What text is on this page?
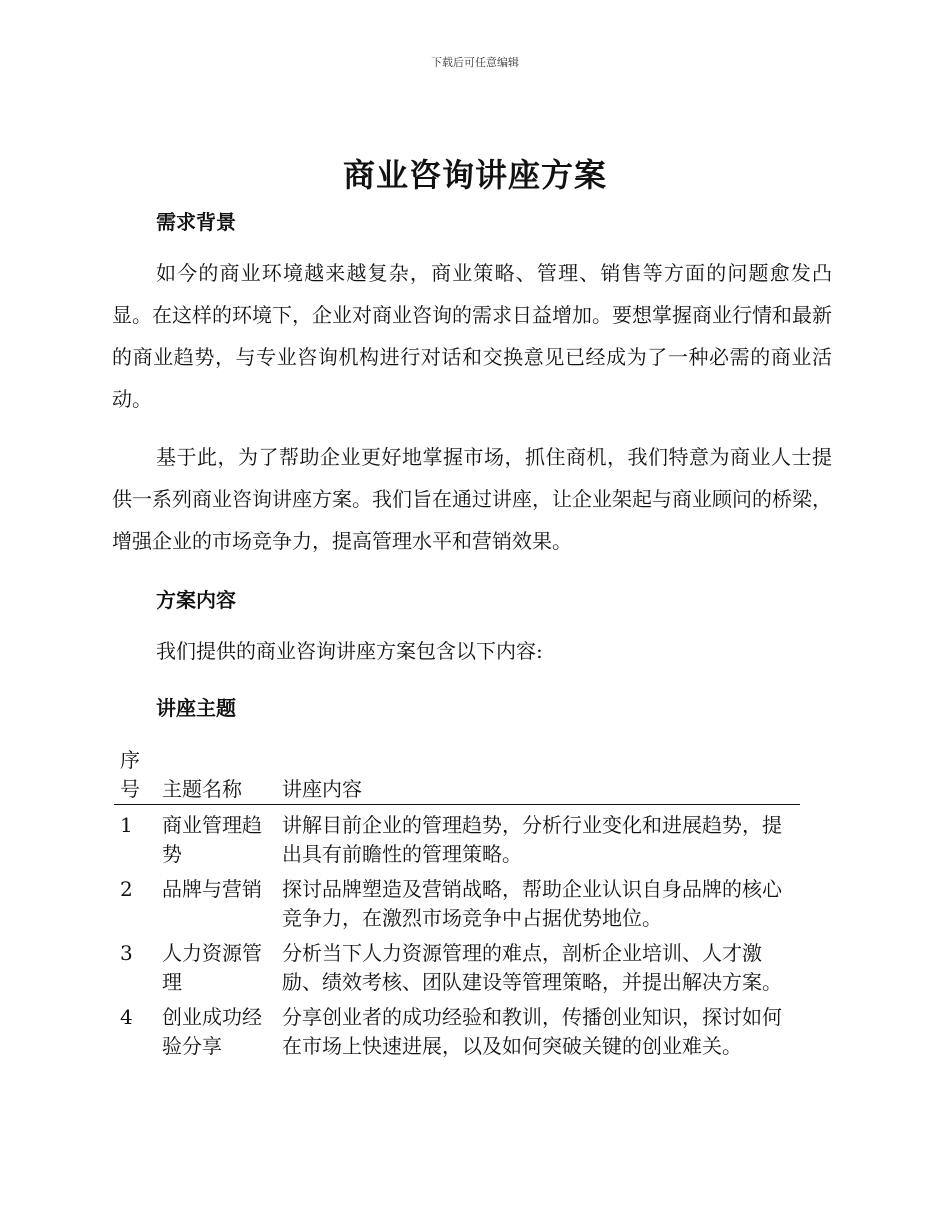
下载后可任意编辑
商业咨询讲座方案
需求背景

如今的商业环境越来越复杂，商业策略、管理、销售等方面的问题愈发凸显。在这样的环境下，企业对商业咨询的需求日益增加。要想掌握商业行情和最新的商业趋势，与专业咨询机构进行对话和交换意见已经成为了一种必需的商业活动。

基于此，为了帮助企业更好地掌握市场，抓住商机，我们特意为商业人士提供一系列商业咨询讲座方案。我们旨在通过讲座，让企业架起与商业顾问的桥梁，增强企业的市场竞争力，提高管理水平和营销效果。

方案内容

我们提供的商业咨询讲座方案包含以下内容:

讲座主题
序号	主题名称	讲座内容
1	商业管理趋势	讲解目前企业的管理趋势，分析行业变化和进展趋势，提出具有前瞻性的管理策略。
2	品牌与营销	探讨品牌塑造及营销战略，帮助企业认识自身品牌的核心竞争力，在激烈市场竞争中占据优势地位。
3	人力资源管理	分析当下人力资源管理的难点，剖析企业培训、人才激励、绩效考核、团队建设等管理策略，并提出解决方案。
4	创业成功经验分享	分享创业者的成功经验和教训，传播创业知识，探讨如何在市场上快速进展，以及如何突破关键的创业难关。
